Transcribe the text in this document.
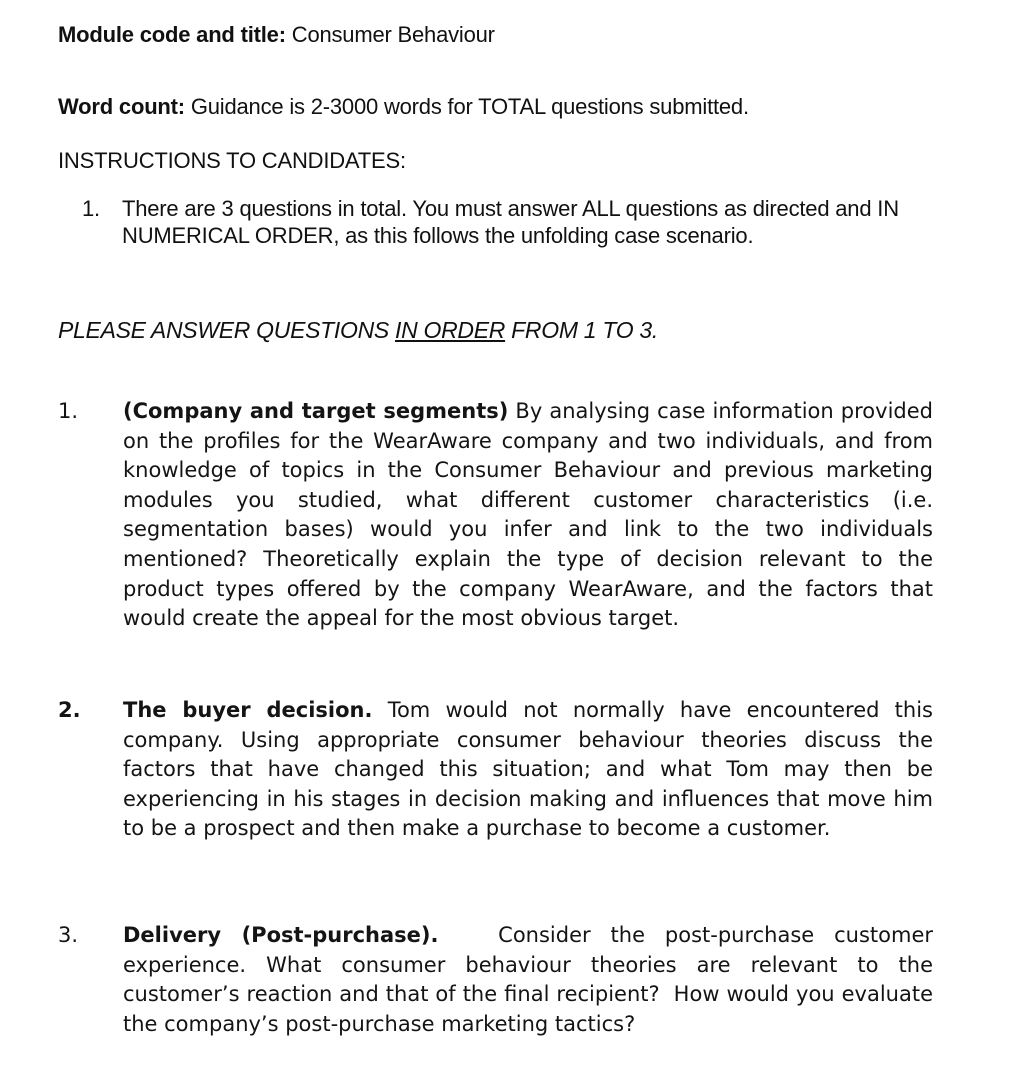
Module code and title: Consumer Behaviour
Word count: Guidance is 2-3000 words for TOTAL questions submitted.
INSTRUCTIONS TO CANDIDATES:
1. There are 3 questions in total. You must answer ALL questions as directed and IN NUMERICAL ORDER, as this follows the unfolding case scenario.
PLEASE ANSWER QUESTIONS IN ORDER FROM 1 TO 3.
1. (Company and target segments) By analysing case information provided on the profiles for the WearAware company and two individuals, and from knowledge of topics in the Consumer Behaviour and previous marketing modules you studied, what different customer characteristics (i.e. segmentation bases) would you infer and link to the two individuals mentioned? Theoretically explain the type of decision relevant to the product types offered by the company WearAware, and the factors that would create the appeal for the most obvious target.
2. The buyer decision. Tom would not normally have encountered this company. Using appropriate consumer behaviour theories discuss the factors that have changed this situation; and what Tom may then be experiencing in his stages in decision making and influences that move him to be a prospect and then make a purchase to become a customer.
3. Delivery (Post-purchase).   Consider the post-purchase customer experience. What consumer behaviour theories are relevant to the customer’s reaction and that of the final recipient?  How would you evaluate the company’s post-purchase marketing tactics?
